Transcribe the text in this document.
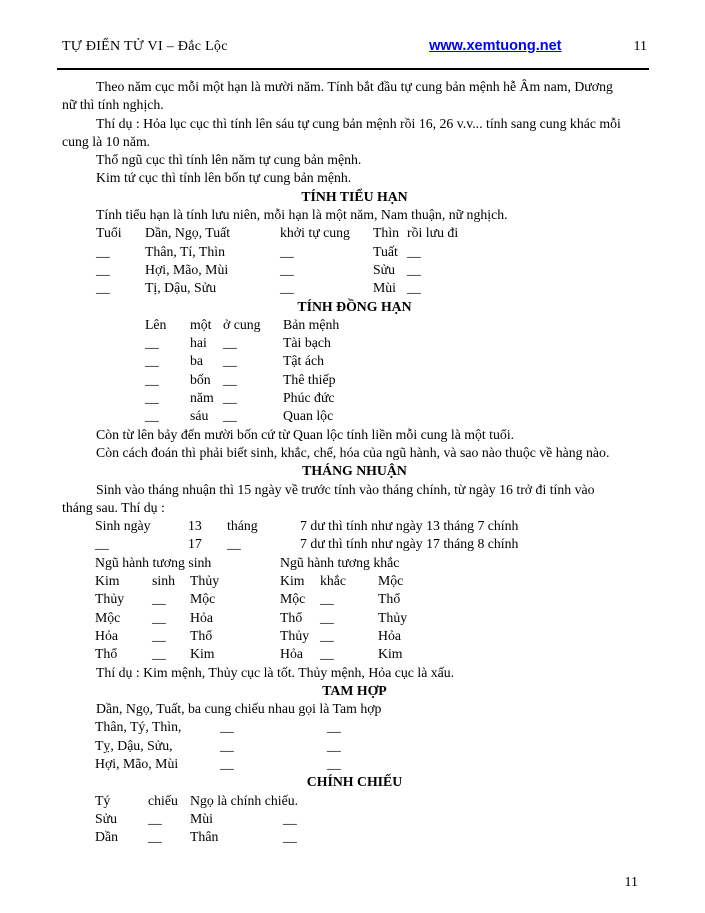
TỰ ĐIỂN TỬ VI – Đắc Lộc	www.xemtuong.net	11
Theo năm cục mỗi một hạn là mười năm. Tính bắt đầu tự cung bản mệnh hễ Âm nam, Dương
nữ thì tính nghịch.
Thí dụ : Hỏa lục cục thì tính lên sáu tự cung bản mệnh rồi 16, 26 v.v... tính sang cung khác mỗi
cung là 10 năm.
Thổ ngũ cục thì tính lên năm tự cung bản mệnh.
Kim tứ cục thì tính lên bốn tự cung bản mệnh.
TÍNH TIỂU HẠN
Tính tiểu hạn là tính lưu niên, mỗi hạn là một năm, Nam thuận, nữ nghịch.
Tuổi	Dần, Ngọ, Tuất	khởi tự cung	Thìn rồi lưu đi
__	Thân, Tí, Thìn	__	Tuất __
__	Hợi, Mão, Mùi	__	Sửu __
__	Tị, Dậu, Sửu	__	Mùi __
TÍNH ĐỒNG HẠN
Lên	một ở cung	Bản mệnh
__	hai	__	Tài bạch
__	ba	__	Tật ách
__	bốn __	Thê thiếp
__	năm __	Phúc đức
__	sáu	__	Quan lộc
Còn từ lên bảy đến mười bốn cứ từ Quan lộc tính liền mỗi cung là một tuổi.
Còn cách đoán thì phải biết sinh, khắc, chế, hóa của ngũ hành, và sao nào thuộc về hàng nào.
THÁNG NHUẬN
Sinh vào tháng nhuận thì 15 ngày về trước tính vào tháng chính, từ ngày 16 trở đi tính vào
tháng sau. Thí dụ :
Sinh ngày	13	tháng	7 dư thì tính như ngày 13 tháng 7 chính
__	17	__	7 dư thì tính như ngày 17 tháng 8 chính
Ngũ hành tương sinh	Ngũ hành tương khắc
Kim	sinh	Thủy	Kim	khắc	Mộc
Thủy	__	Mộc	Mộc	__	Thổ
Mộc	__	Hỏa	Thổ	__	Thủy
Hỏa	__	Thổ	Thủy __	Hỏa
Thổ	__	Kim	Hỏa	__	Kim
Thí dụ : Kim mệnh, Thủy cục là tốt. Thủy mệnh, Hỏa cục là xấu.
TAM HỢP
Dần, Ngọ, Tuất, ba cung chiếu nhau gọi là Tam hợp
Thân, Tý, Thìn,	__	__
Tỵ, Dậu, Sửu,	__	__
Hợi, Mão, Mùi	__	__
CHÍNH CHIẾU
Tý	chiếu Ngọ là chính chiếu.
Sửu	__	Mùi	__
Dần	__	Thân	__
11
